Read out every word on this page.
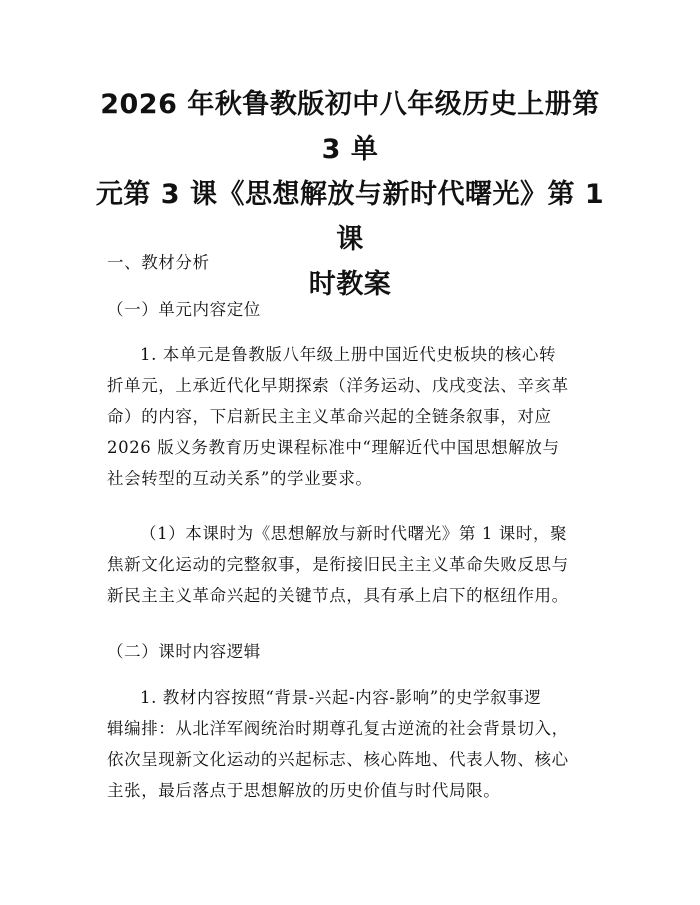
2026 年秋鲁教版初中八年级历史上册第 3 单
元第 3 课《思想解放与新时代曙光》第 1 课
时教案

一、教材分析

（一）单元内容定位

1. 本单元是鲁教版八年级上册中国近代史板块的核心转
折单元，上承近代化早期探索（洋务运动、戊戌变法、辛亥革
命）的内容，下启新民主主义革命兴起的全链条叙事，对应
2026 版义务教育历史课程标准中“理解近代中国思想解放与
社会转型的互动关系”的学业要求。

（1）本课时为《思想解放与新时代曙光》第 1 课时，聚
焦新文化运动的完整叙事，是衔接旧民主主义革命失败反思与
新民主主义革命兴起的关键节点，具有承上启下的枢纽作用。

（二）课时内容逻辑

1. 教材内容按照“背景-兴起-内容-影响”的史学叙事逻
辑编排：从北洋军阀统治时期尊孔复古逆流的社会背景切入，
依次呈现新文化运动的兴起标志、核心阵地、代表人物、核心
主张，最后落点于思想解放的历史价值与时代局限。
